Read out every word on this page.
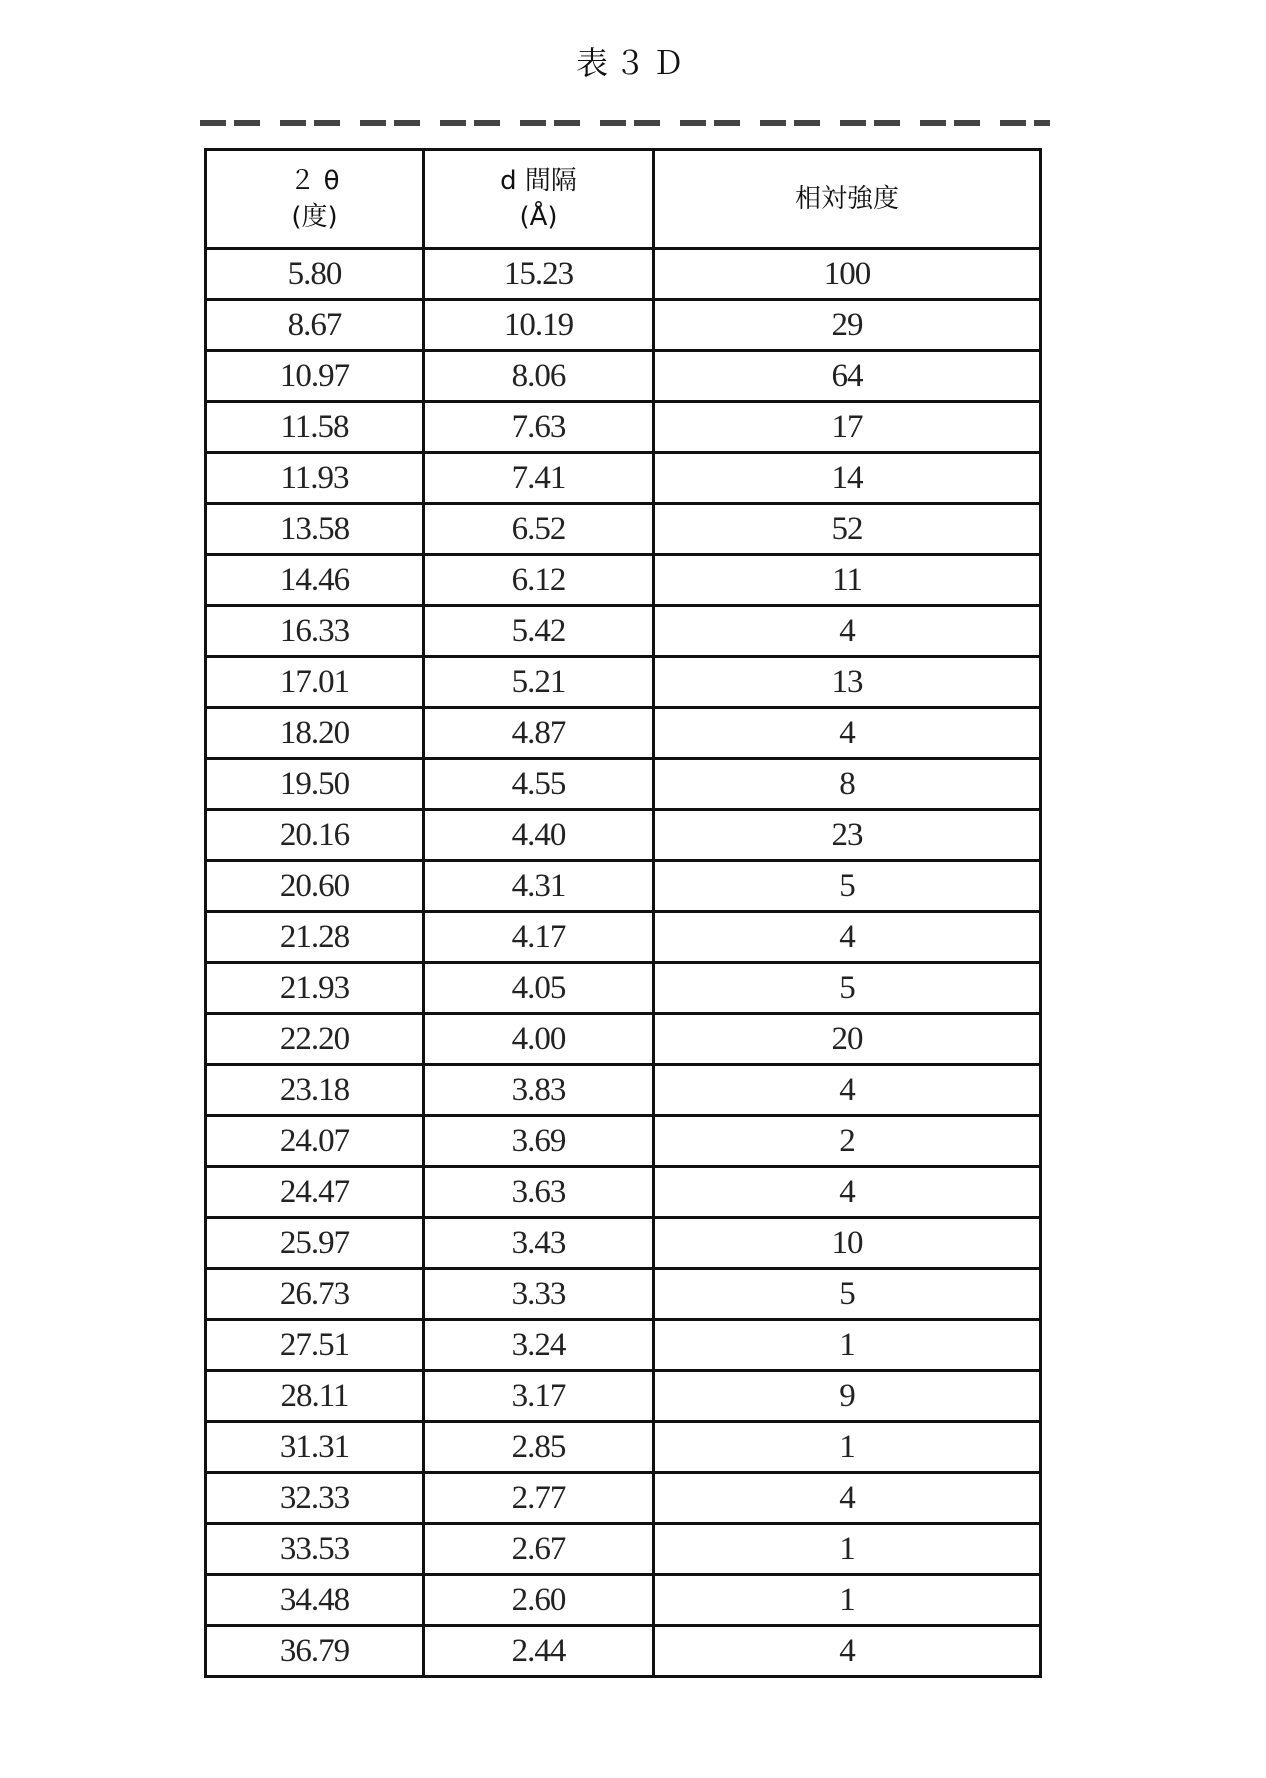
表３Ｄ
２ θ
(度)

d 間隔
(Å)

相対強度

5.80	15.23	100
8.67	10.19	29
10.97	8.06	64
11.58	7.63	17
11.93	7.41	14
13.58	6.52	52
14.46	6.12	11
16.33	5.42	4
17.01	5.21	13
18.20	4.87	4
19.50	4.55	8
20.16	4.40	23
20.60	4.31	5
21.28	4.17	4
21.93	4.05	5
22.20	4.00	20
23.18	3.83	4
24.07	3.69	2
24.47	3.63	4
25.97	3.43	10
26.73	3.33	5
27.51	3.24	1
28.11	3.17	9
31.31	2.85	1
32.33	2.77	4
33.53	2.67	1
34.48	2.60	1
36.79	2.44	4
